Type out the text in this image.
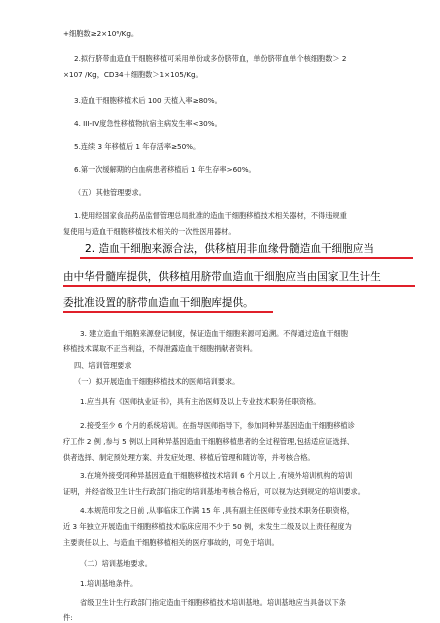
+细胞数≥2×10⁶/Kg。
2.拟行脐带血造血干细胞移植可采用单份或多份脐带血，单份脐带血单个核细胞数＞ 2
×107 /Kg，CD34＋细胞数＞1×105/Kg。
3.造血干细胞移植术后 100 天植入率≥80%。
4. III-IV度急性移植物抗宿主病发生率<30%。
5.连续 3 年移植后 1 年存活率≥50%。
6.第一次缓解期的白血病患者移植后 1 年生存率>60%。
（五）其他管理要求。
1.使用经国家食品药品监督管理总局批准的造血干细胞移植技术相关器材，不得违规重
复使用与造血干细胞移植技术相关的一次性医用器材。
2. 造血干细胞来源合法，供移植用非血缘骨髓造血干细胞应当
由中华骨髓库提供，供移植用脐带血造血干细胞应当由国家卫生计生
委批准设置的脐带血造血干细胞库提供。
3. 建立造血干细胞来源登记制度，保证造血干细胞来源可追溯。不得通过造血干细胞
移植技术谋取不正当利益，不得泄露造血干细胞捐献者资料。
四、培训管理要求
（一）拟开展造血干细胞移植技术的医师培训要求。
1.应当具有《医师执业证书》，具有主治医师及以上专业技术职务任职资格。
2.接受至少 6 个月的系统培训。在指导医师指导下，参加同种异基因造血干细胞移植诊
疗工作 2 例 ,参与 5 例以上同种异基因造血干细胞移植患者的全过程管理,包括适应证选择、
供者选择、制定预处理方案、并发症处理、移植后管理和随访等，并考核合格。
3.在境外接受同种异基因造血干细胞移植技术培训 6 个月以上 ,有境外培训机构的培训
证明，并经省级卫生计生行政部门指定的培训基地考核合格后，可以视为达到规定的培训要求。
4.本规范印发之日前 ,从事临床工作满 15 年 ,具有副主任医师专业技术职务任职资格，
近 3 年独立开展造血干细胞移植技术临床应用不少于 50 例，未发生二级及以上责任程度为
主要责任以上、与造血干细胞移植相关的医疗事故的，可免于培训。
（二）培训基地要求。
1.培训基地条件。
省级卫生计生行政部门指定造血干细胞移植技术培训基地。培训基地应当具备以下条
件:
